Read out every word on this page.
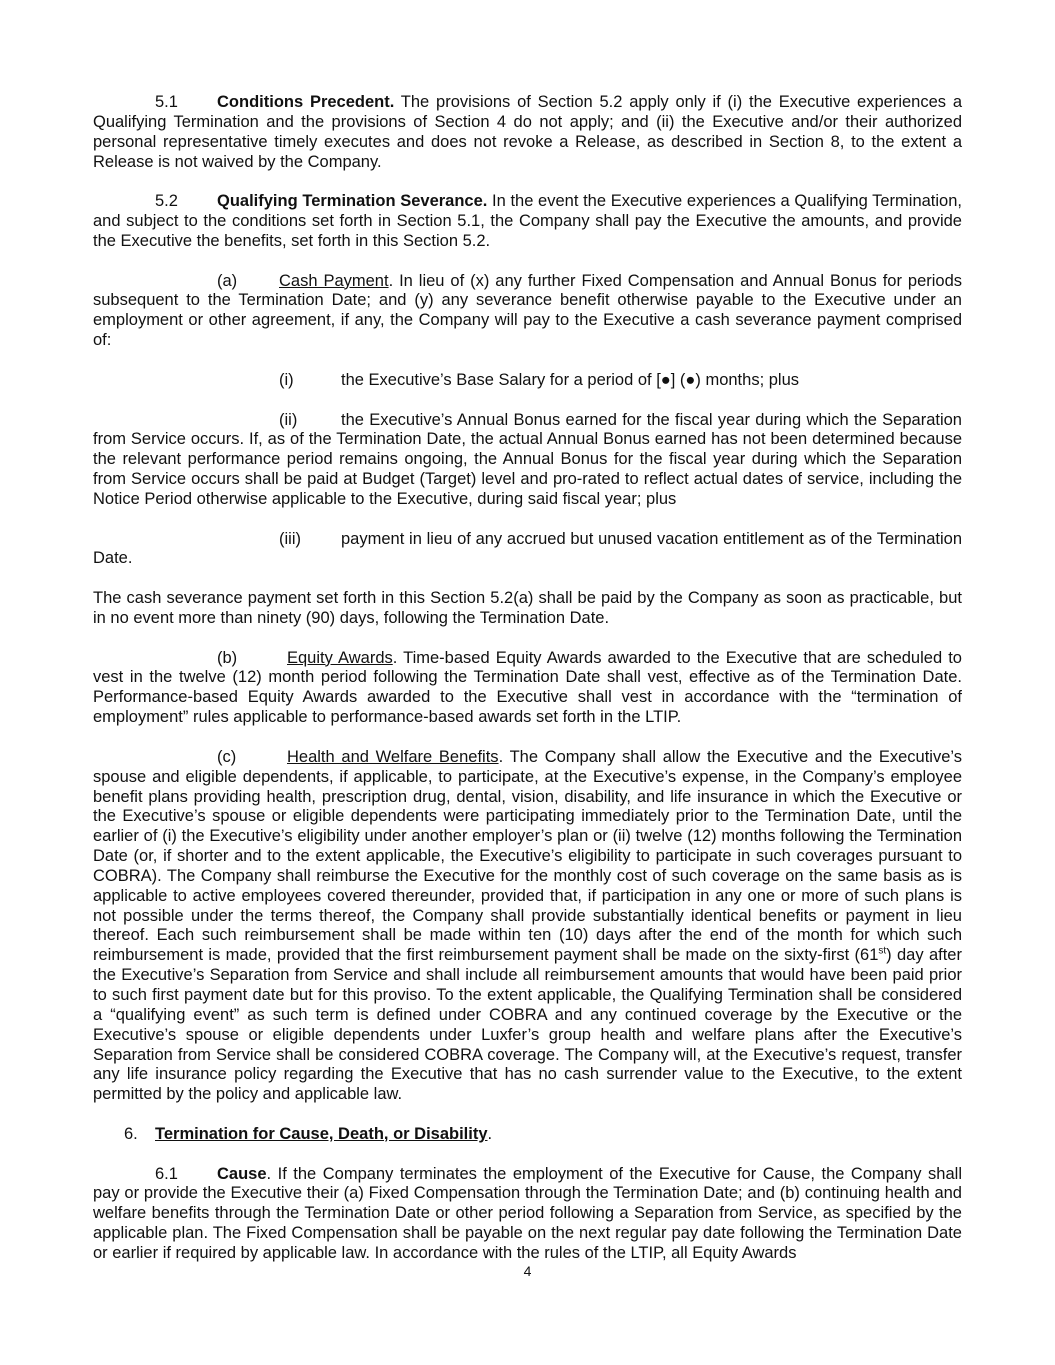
5.1 Conditions Precedent. The provisions of Section 5.2 apply only if (i) the Executive experiences a Qualifying Termination and the provisions of Section 4 do not apply; and (ii) the Executive and/or their authorized personal representative timely executes and does not revoke a Release, as described in Section 8, to the extent a Release is not waived by the Company.

5.2 Qualifying Termination Severance. In the event the Executive experiences a Qualifying Termination, and subject to the conditions set forth in Section 5.1, the Company shall pay the Executive the amounts, and provide the Executive the benefits, set forth in this Section 5.2.

(a)	Cash Payment. In lieu of (x) any further Fixed Compensation and Annual Bonus for periods subsequent to the Termination Date; and (y) any severance benefit otherwise payable to the Executive under an employment or other agreement, if any, the Company will pay to the Executive a cash severance payment comprised of:

(i)	the Executive’s Base Salary for a period of [●] (●) months; plus

(ii)	the Executive’s Annual Bonus earned for the fiscal year during which the Separation from Service occurs. If, as of the Termination Date, the actual Annual Bonus earned has not been determined because the relevant performance period remains ongoing, the Annual Bonus for the fiscal year during which the Separation from Service occurs shall be paid at Budget (Target) level and pro-rated to reflect actual dates of service, including the Notice Period otherwise applicable to the Executive, during said fiscal year; plus

(iii) payment in lieu of any accrued but unused vacation entitlement as of the Termination Date.

The cash severance payment set forth in this Section 5.2(a) shall be paid by the Company as soon as practicable, but in no event more than ninety (90) days, following the Termination Date.

(b)	Equity Awards. Time-based Equity Awards awarded to the Executive that are scheduled to vest in the twelve (12) month period following the Termination Date shall vest, effective as of the Termination Date. Performance-based Equity Awards awarded to the Executive shall vest in accordance with the “termination of employment” rules applicable to performance-based awards set forth in the LTIP.

(c)	Health and Welfare Benefits. The Company shall allow the Executive and the Executive’s spouse and eligible dependents, if applicable, to participate, at the Executive’s expense, in the Company’s employee benefit plans providing health, prescription drug, dental, vision, disability, and life insurance in which the Executive or the Executive’s spouse or eligible dependents were participating immediately prior to the Termination Date, until the earlier of (i) the Executive’s eligibility under another employer’s plan or (ii) twelve (12) months following the Termination Date (or, if shorter and to the extent applicable, the Executive’s eligibility to participate in such coverages pursuant to COBRA). The Company shall reimburse the Executive for the monthly cost of such coverage on the same basis as is applicable to active employees covered thereunder, provided that, if participation in any one or more of such plans is not possible under the terms thereof, the Company shall provide substantially identical benefits or payment in lieu thereof. Each such reimbursement shall be made within ten (10) days after the end of the month for which such reimbursement is made, provided that the first reimbursement payment shall be made on the sixty-first (61st) day after the Executive’s Separation from Service and shall include all reimbursement amounts that would have been paid prior to such first payment date but for this proviso. To the extent applicable, the Qualifying Termination shall be considered a “qualifying event” as such term is defined under COBRA and any continued coverage by the Executive or the Executive’s spouse or eligible dependents under Luxfer’s group health and welfare plans after the Executive’s Separation from Service shall be considered COBRA coverage. The Company will, at the Executive’s request, transfer any life insurance policy regarding the Executive that has no cash surrender value to the Executive, to the extent permitted by the policy and applicable law.

6. Termination for Cause, Death, or Disability.

6.1 Cause. If the Company terminates the employment of the Executive for Cause, the Company shall pay or provide the Executive their (a) Fixed Compensation through the Termination Date; and (b) continuing health and welfare benefits through the Termination Date or other period following a Separation from Service, as specified by the applicable plan. The Fixed Compensation shall be payable on the next regular pay date following the Termination Date or earlier if required by applicable law. In accordance with the rules of the LTIP, all Equity Awards

4
